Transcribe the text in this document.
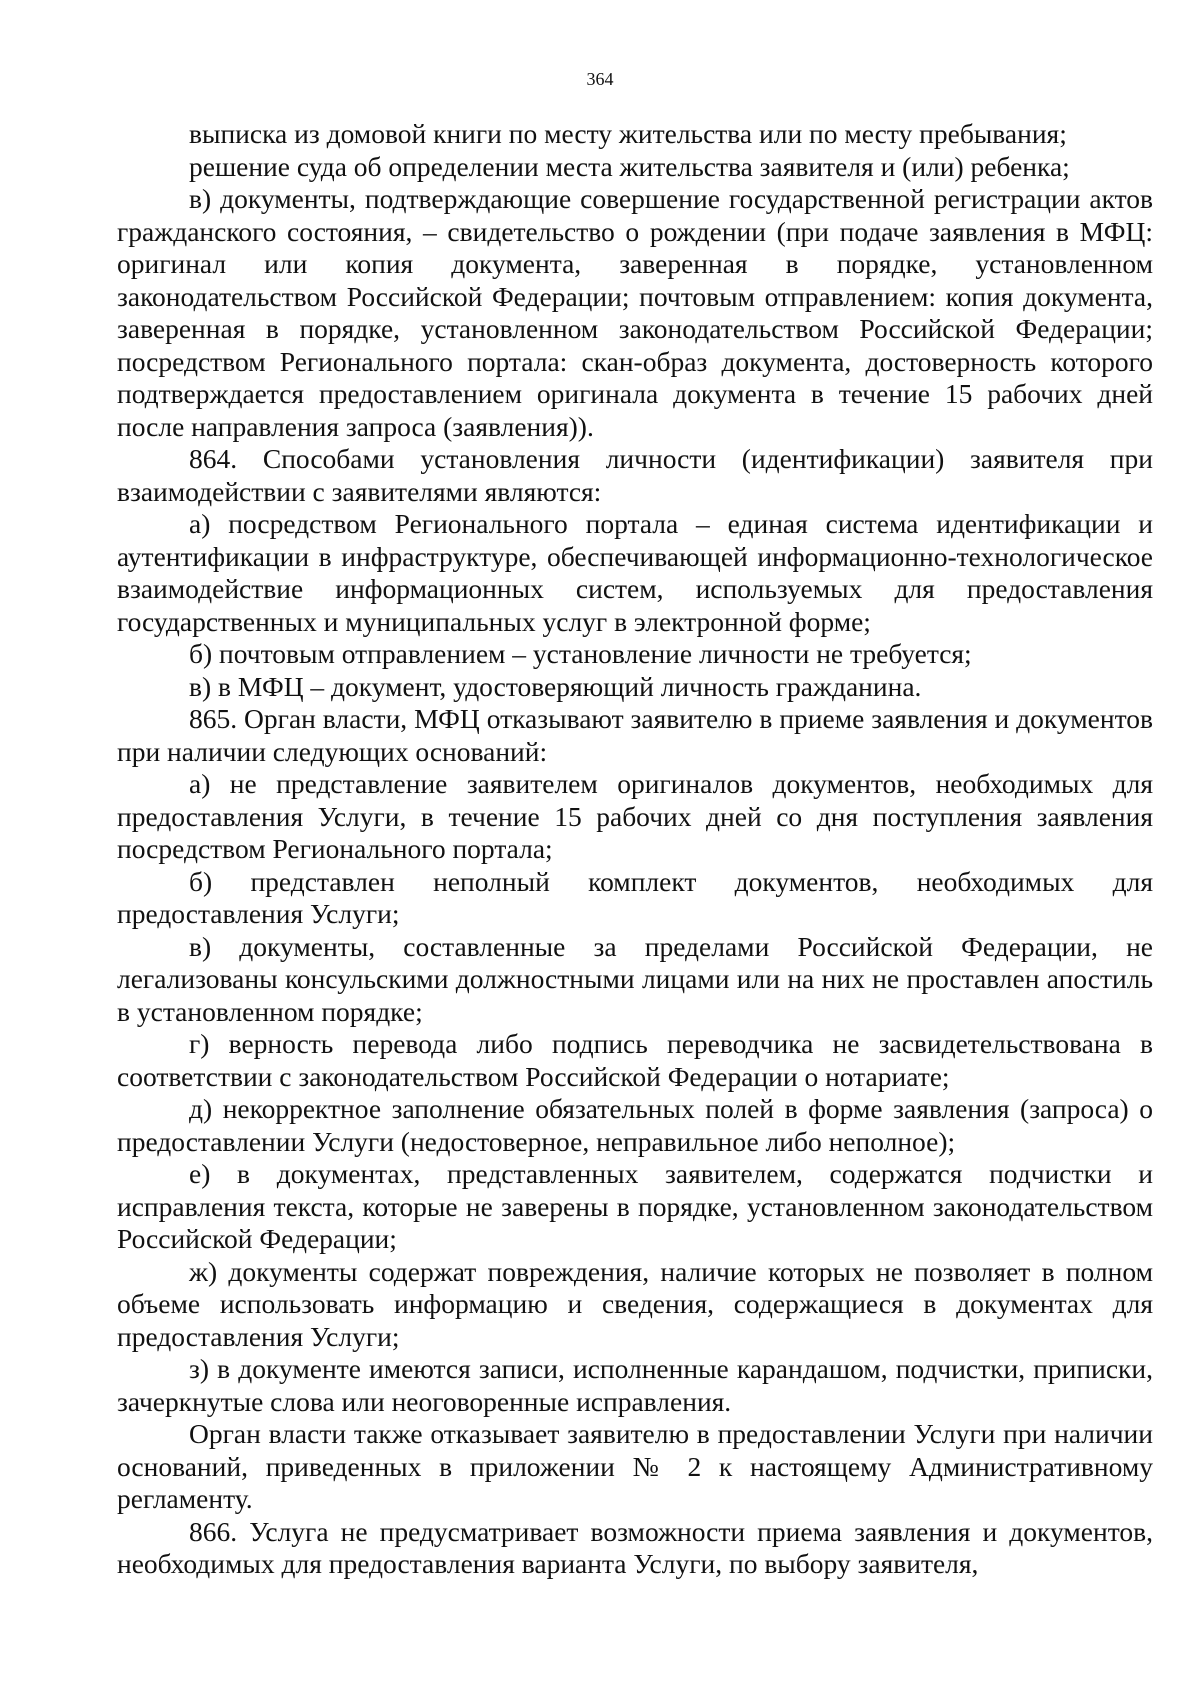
364

выписка из домовой книги по месту жительства или по месту пребывания;

решение суда об определении места жительства заявителя и (или) ребенка;

в) документы, подтверждающие совершение государственной регистрации актов гражданского состояния, – свидетельство о рождении (при подаче заявления в МФЦ: оригинал или копия документа, заверенная в порядке, установленном законодательством Российской Федерации; почтовым отправлением: копия документа, заверенная в порядке, установленном законодательством Российской Федерации; посредством Регионального портала: скан-образ документа, достоверность которого подтверждается предоставлением оригинала документа в течение 15 рабочих дней после направления запроса (заявления)).

864. Способами установления личности (идентификации) заявителя при взаимодействии с заявителями являются:

а) посредством Регионального портала – единая система идентификации и аутентификации в инфраструктуре, обеспечивающей информационно-технологическое взаимодействие информационных систем, используемых для предоставления государственных и муниципальных услуг в электронной форме;

б) почтовым отправлением – установление личности не требуется;

в) в МФЦ – документ, удостоверяющий личность гражданина.

865. Орган власти, МФЦ отказывают заявителю в приеме заявления и документов при наличии следующих оснований:

а) не представление заявителем оригиналов документов, необходимых для предоставления Услуги, в течение 15 рабочих дней со дня поступления заявления посредством Регионального портала;

б) представлен неполный комплект документов, необходимых для предоставления Услуги;

в) документы, составленные за пределами Российской Федерации, не легализованы консульскими должностными лицами или на них не проставлен апостиль в установленном порядке;

г) верность перевода либо подпись переводчика не засвидетельствована в соответствии с законодательством Российской Федерации о нотариате;

д) некорректное заполнение обязательных полей в форме заявления (запроса) о предоставлении Услуги (недостоверное, неправильное либо неполное);

е) в документах, представленных заявителем, содержатся подчистки и исправления текста, которые не заверены в порядке, установленном законодательством Российской Федерации;

ж) документы содержат повреждения, наличие которых не позволяет в полном объеме использовать информацию и сведения, содержащиеся в документах для предоставления Услуги;

з) в документе имеются записи, исполненные карандашом, подчистки, приписки, зачеркнутые слова или неоговоренные исправления.

Орган власти также отказывает заявителю в предоставлении Услуги при наличии оснований, приведенных в приложении № 2 к настоящему Административному регламенту.

866. Услуга не предусматривает возможности приема заявления и документов, необходимых для предоставления варианта Услуги, по выбору заявителя,
